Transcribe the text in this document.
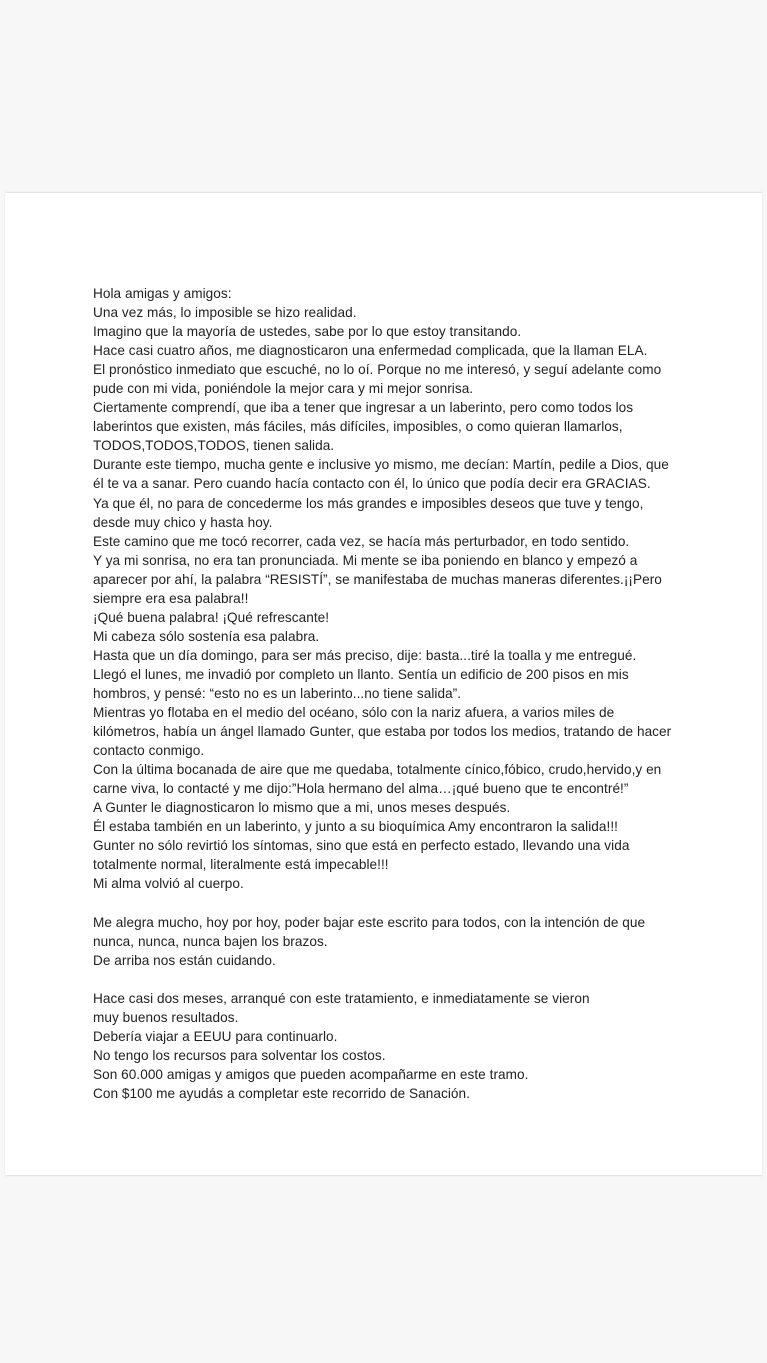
Hola amigas y amigos:
Una vez más, lo imposible se hizo realidad.
Imagino que la mayoría de ustedes, sabe por lo que estoy transitando.
Hace casi cuatro años, me diagnosticaron una enfermedad complicada, que la llaman ELA.
El pronóstico inmediato que escuché, no lo oí. Porque no me interesó, y seguí adelante como
pude con mi vida, poniéndole la mejor cara y mi mejor sonrisa.
Ciertamente comprendí, que iba a tener que ingresar a un laberinto, pero como todos los
laberintos que existen, más fáciles, más difíciles, imposibles, o como quieran llamarlos,
TODOS,TODOS,TODOS, tienen salida.
Durante este tiempo, mucha gente e inclusive yo mismo, me decían: Martín, pedile a Dios, que
él te va a sanar. Pero cuando hacía contacto con él, lo único que podía decir era GRACIAS.
Ya que él, no para de concederme los más grandes e imposibles deseos que tuve y tengo,
desde muy chico y hasta hoy.
Este camino que me tocó recorrer, cada vez, se hacía más perturbador, en todo sentido.
Y ya mi sonrisa, no era tan pronunciada. Mi mente se iba poniendo en blanco y empezó a
aparecer por ahí, la palabra “RESISTÍ”, se manifestaba de muchas maneras diferentes.¡¡Pero
siempre era esa palabra!!
¡Qué buena palabra! ¡Qué refrescante!
Mi cabeza sólo sostenía esa palabra.
Hasta que un día domingo, para ser más preciso, dije: basta...tiré la toalla y me entregué.
Llegó el lunes, me invadió por completo un llanto. Sentía un edificio de 200 pisos en mis
hombros, y pensé: “esto no es un laberinto...no tiene salida”.
Mientras yo flotaba en el medio del océano, sólo con la nariz afuera, a varios miles de
kilómetros, había un ángel llamado Gunter, que estaba por todos los medios, tratando de hacer
contacto conmigo.
Con la última bocanada de aire que me quedaba, totalmente cínico,fóbico, crudo,hervido,y en
carne viva, lo contacté y me dijo:”Hola hermano del alma…¡qué bueno que te encontré!”
A Gunter le diagnosticaron lo mismo que a mi, unos meses después.
Él estaba también en un laberinto, y junto a su bioquímica Amy encontraron la salida!!!
Gunter no sólo revirtió los síntomas, sino que está en perfecto estado, llevando una vida
totalmente normal, literalmente está impecable!!!
Mi alma volvió al cuerpo.
Me alegra mucho, hoy por hoy, poder bajar este escrito para todos, con la intención de que
nunca, nunca, nunca bajen los brazos.
De arriba nos están cuidando.
Hace casi dos meses, arranqué con este tratamiento, e inmediatamente se vieron
muy buenos resultados.
Debería viajar a EEUU para continuarlo.
No tengo los recursos para solventar los costos.
Son 60.000 amigas y amigos que pueden acompañarme en este tramo.
Con $100 me ayudás a completar este recorrido de Sanación.
